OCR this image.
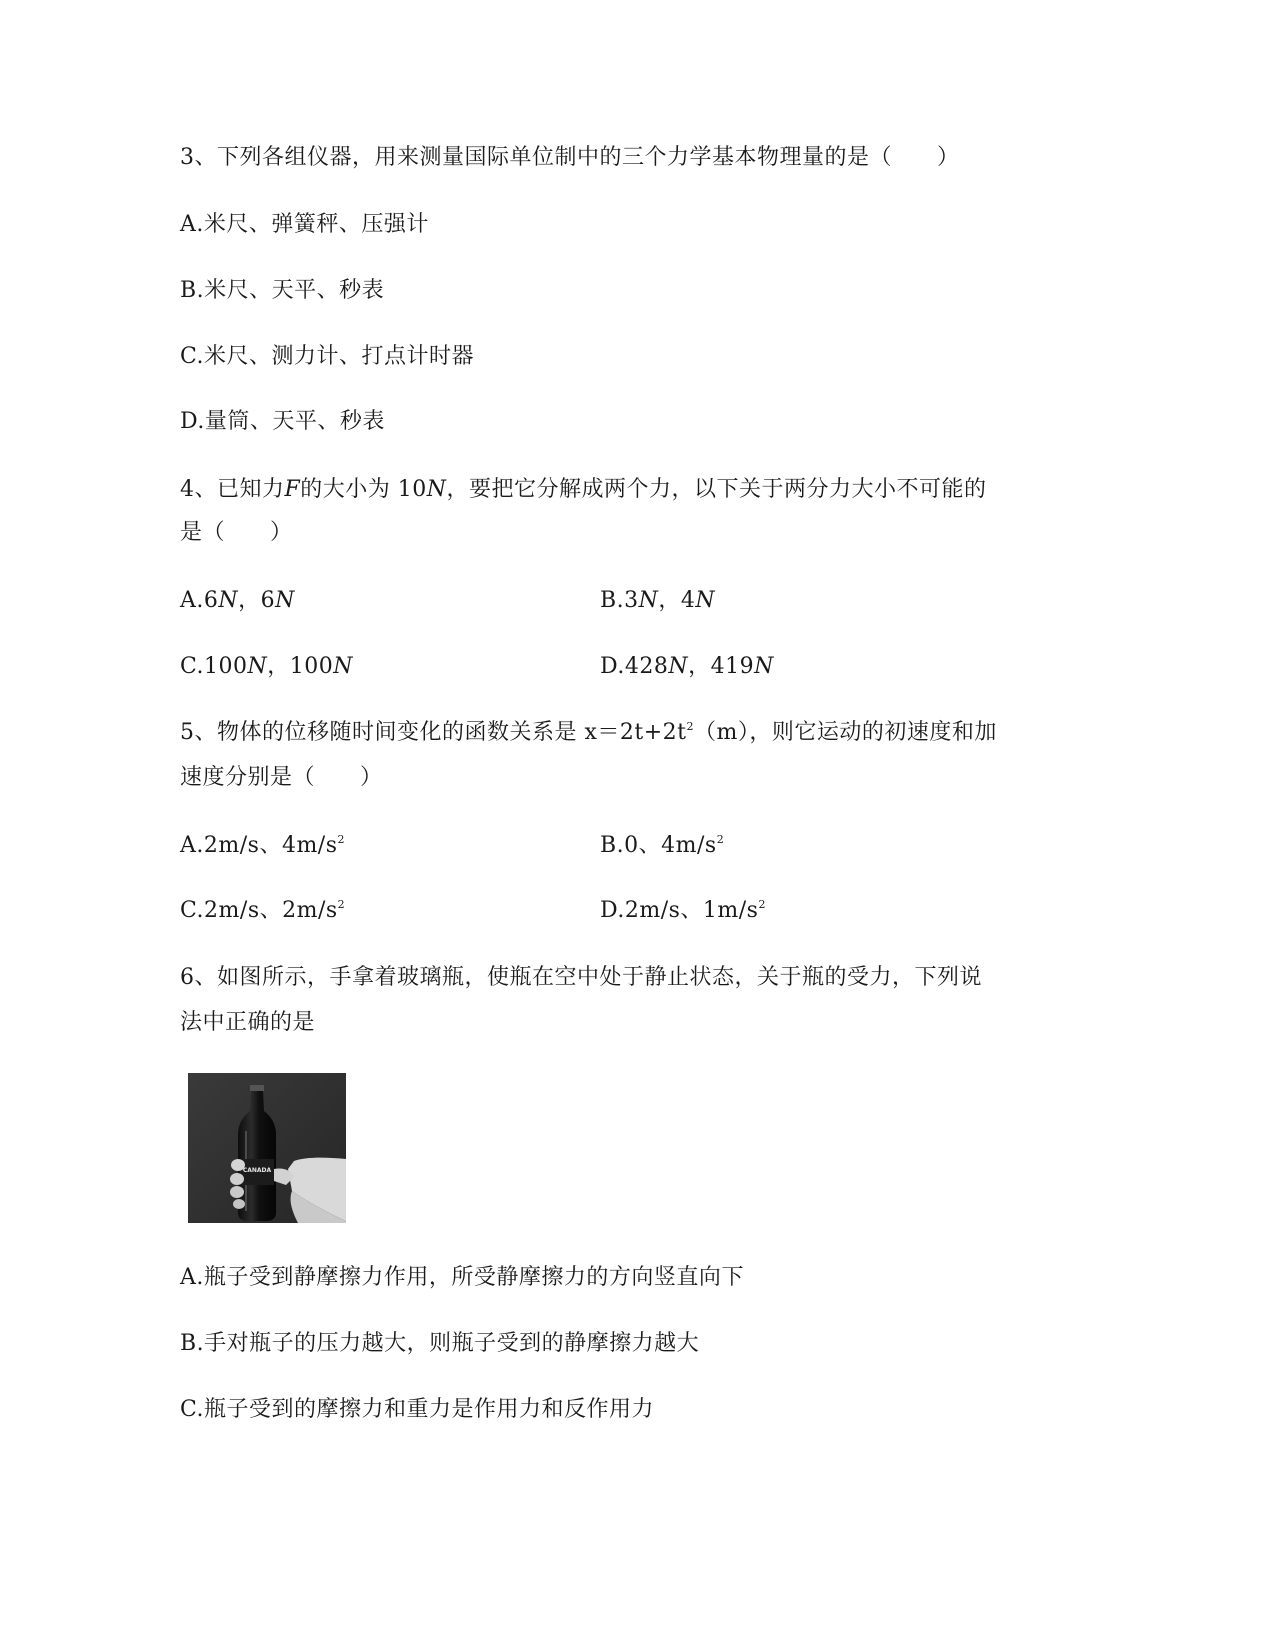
3、下列各组仪器，用来测量国际单位制中的三个力学基本物理量的是（　　）
A.米尺、弹簧秤、压强计
B.米尺、天平、秒表
C.米尺、测力计、打点计时器
D.量筒、天平、秒表
4、已知力F的大小为 10N，要把它分解成两个力，以下关于两分力大小不可能的
是（　　）
A.6N，6N	B.3N，4N
C.100N，100N	D.428N，419N
5、物体的位移随时间变化的函数关系是 $x=2t+2t^2(m)$，则它运动的初速度和加
速度分别是（　　）
A.2m/s、$4m/s^2$	B.0、$4m/s^2$
C.2m/s、$2m/s^2$	D.2m/s、$1m/s^2$
6、如图所示，手拿着玻璃瓶，使瓶在空中处于静止状态，关于瓶的受力，下列说
法中正确的是
CANADA
A.瓶子受到静摩擦力作用，所受静摩擦力的方向竖直向下
B.手对瓶子的压力越大，则瓶子受到的静摩擦力越大
C.瓶子受到的摩擦力和重力是作用力和反作用力
